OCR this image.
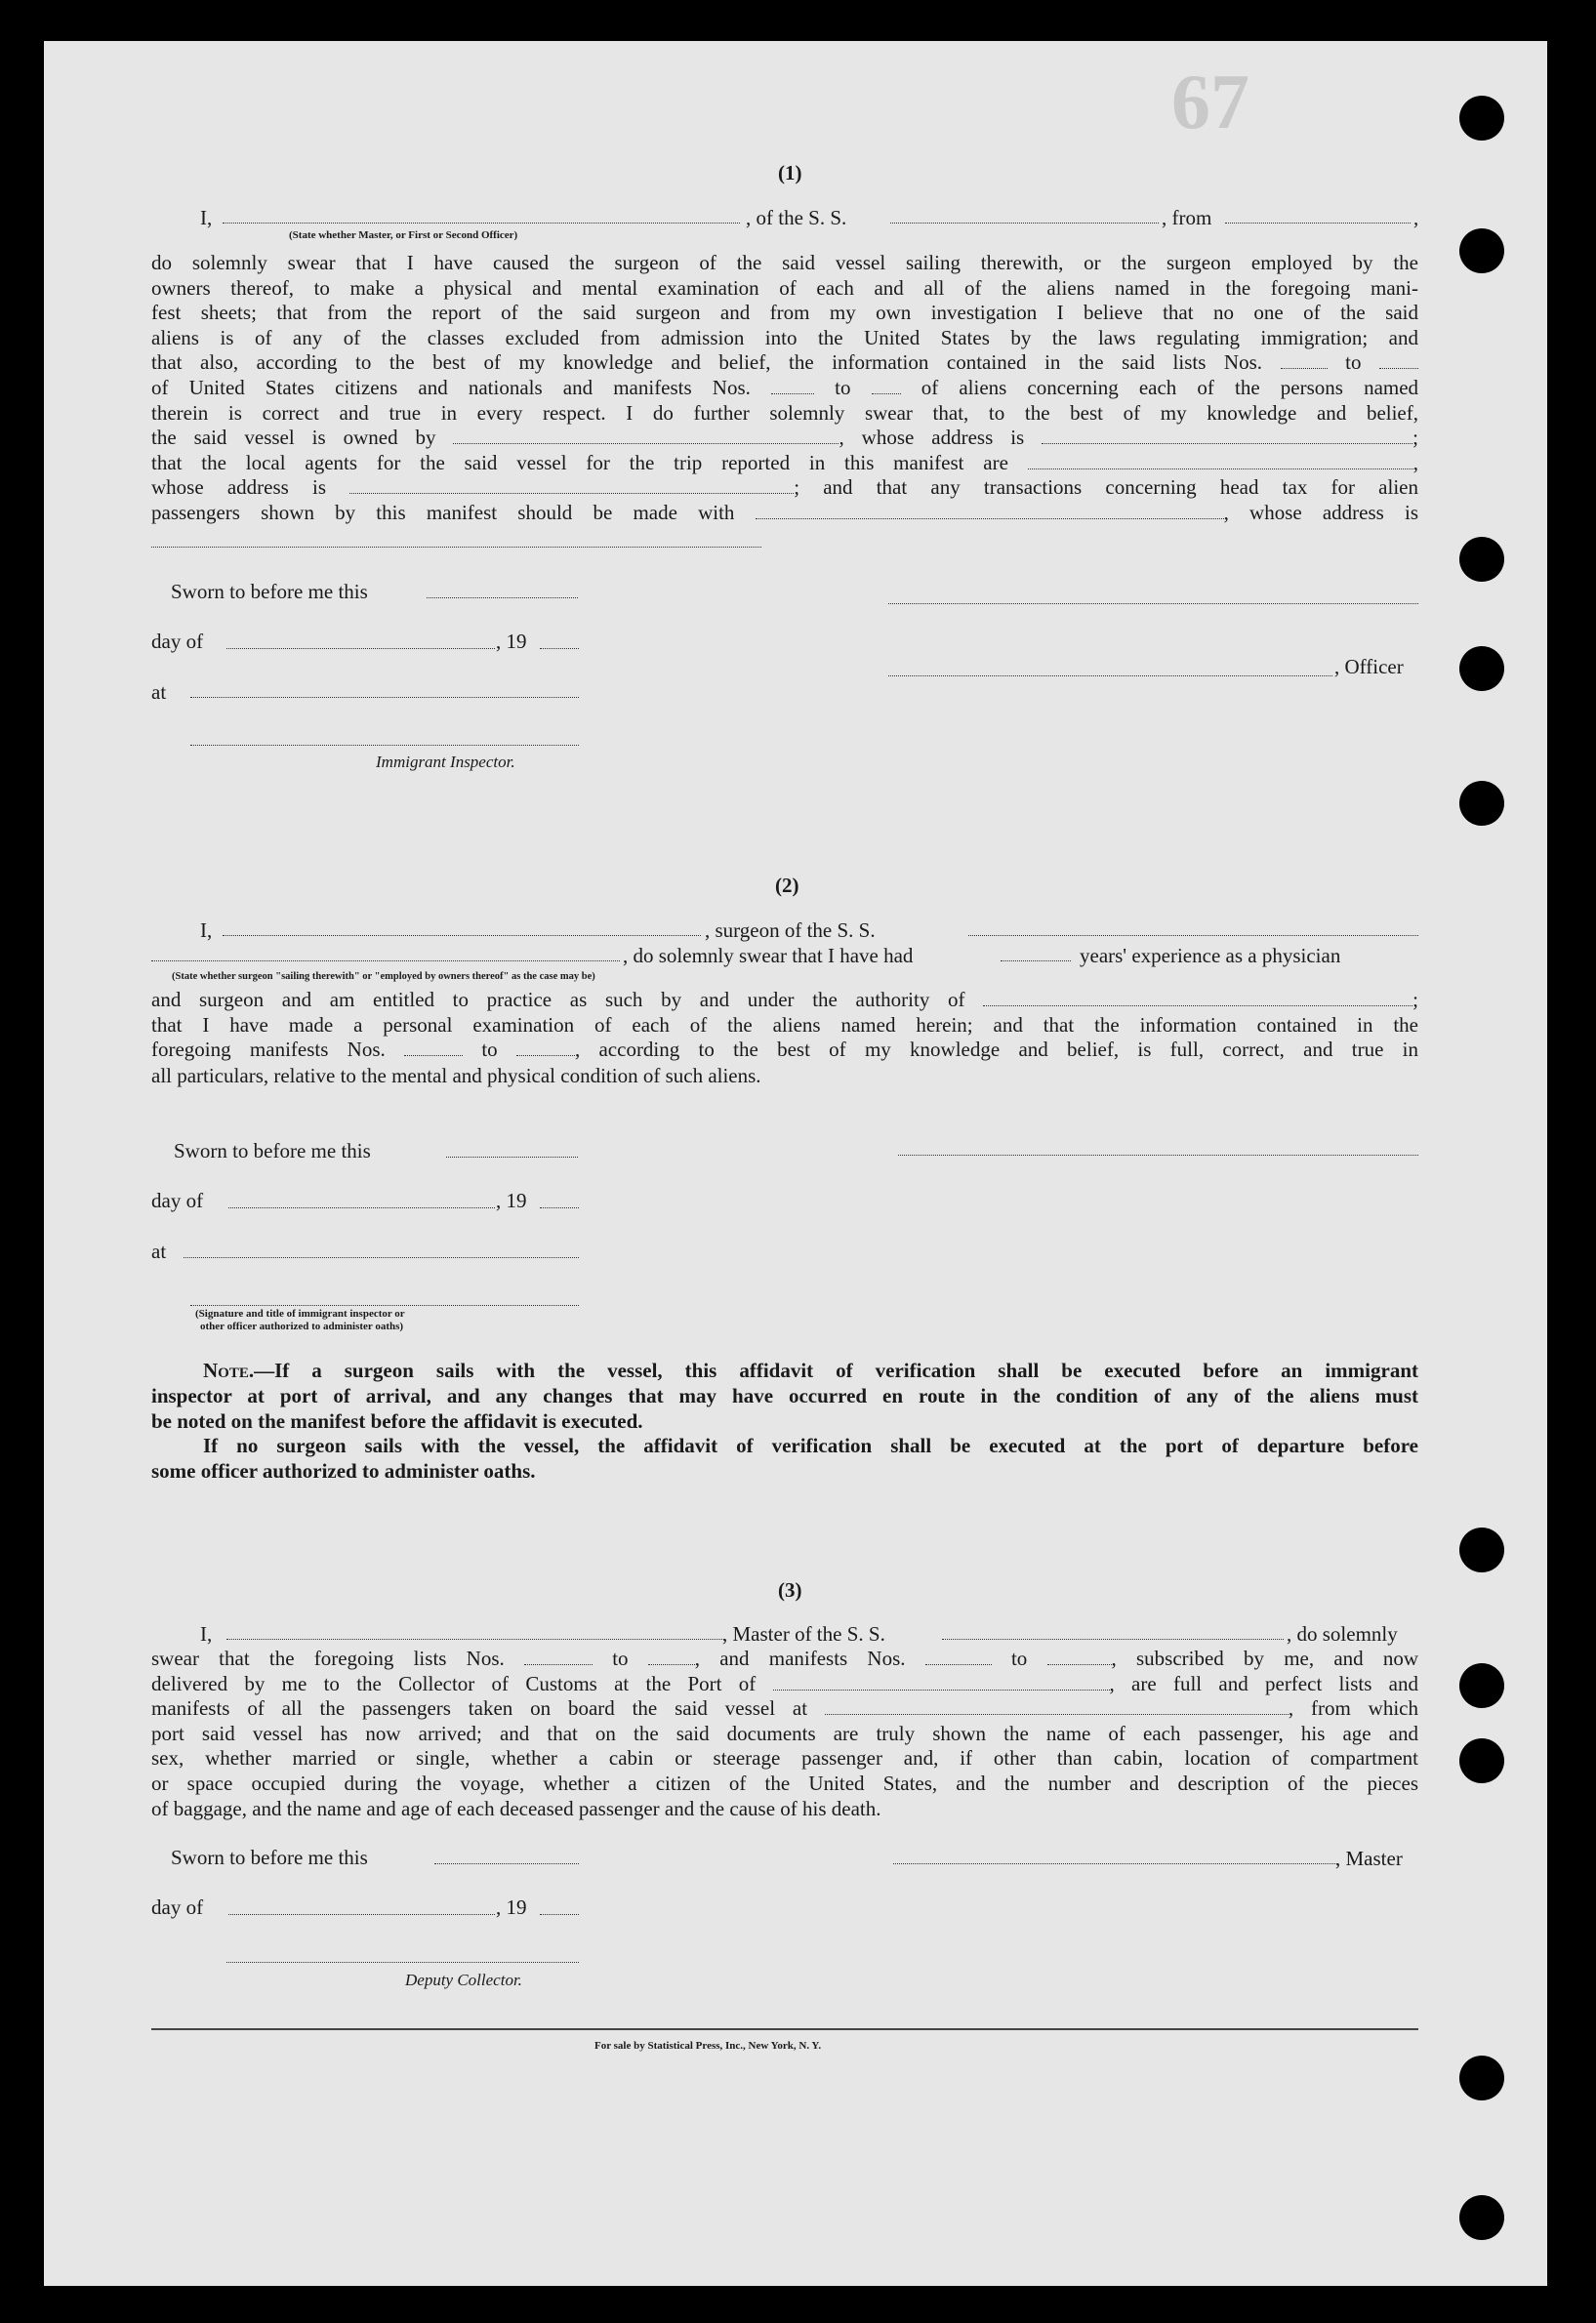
67
(1)
I,	, of the S. S.	, from	,
(State whether Master, or First or Second Officer)
do solemnly swear that I have caused the surgeon of the said vessel sailing therewith, or the surgeon employed by the
owners thereof, to make a physical and mental examination of each and all of the aliens named in the foregoing mani-
fest sheets; that from the report of the said surgeon and from my own investigation I believe that no one of the said
aliens is of any of the classes excluded from admission into the United States by the laws regulating immigration; and
that also, according to the best of my knowledge and belief, the information contained in the said lists Nos.	to
of United States citizens and nationals and manifests Nos.	to	of aliens concerning each of the persons named
therein is correct and true in every respect. I do further solemnly swear that, to the best of my knowledge and belief,
the said vessel is owned by	, whose address is	;
that the local agents for the said vessel for the trip reported in this manifest are	,
whose address is	; and that any transactions concerning head tax for alien
passengers shown by this manifest should be made with	, whose address is
Sworn to before me this
day of	, 19
at
Immigrant Inspector.
, Officer
(2)
I,	, surgeon of the S. S.
, do solemnly swear that I have had	years' experience as a physician
(State whether surgeon "sailing therewith" or "employed by owners thereof" as the case may be)
and surgeon and am entitled to practice as such by and under the authority of	;
that I have made a personal examination of each of the aliens named herein; and that the information contained in the
foregoing manifests Nos.	to	, according to the best of my knowledge and belief, is full, correct, and true in
all particulars, relative to the mental and physical condition of such aliens.
Sworn to before me this
day of	, 19
at
(Signature and title of immigrant inspector or
other officer authorized to administer oaths)
Note.—If a surgeon sails with the vessel, this affidavit of verification shall be executed before an immigrant
inspector at port of arrival, and any changes that may have occurred en route in the condition of any of the aliens must
be noted on the manifest before the affidavit is executed.
If no surgeon sails with the vessel, the affidavit of verification shall be executed at the port of departure before
some officer authorized to administer oaths.
(3)
I,	, Master of the S. S.	, do solemnly
swear that the foregoing lists Nos.	to	, and manifests Nos.	to	, subscribed by me, and now
delivered by me to the Collector of Customs at the Port of	, are full and perfect lists and
manifests of all the passengers taken on board the said vessel at	, from which
port said vessel has now arrived; and that on the said documents are truly shown the name of each passenger, his age and
sex, whether married or single, whether a cabin or steerage passenger and, if other than cabin, location of compartment
or space occupied during the voyage, whether a citizen of the United States, and the number and description of the pieces
of baggage, and the name and age of each deceased passenger and the cause of his death.
Sworn to before me this
day of	, 19
Deputy Collector.
, Master
For sale by Statistical Press, Inc., New York, N. Y.
